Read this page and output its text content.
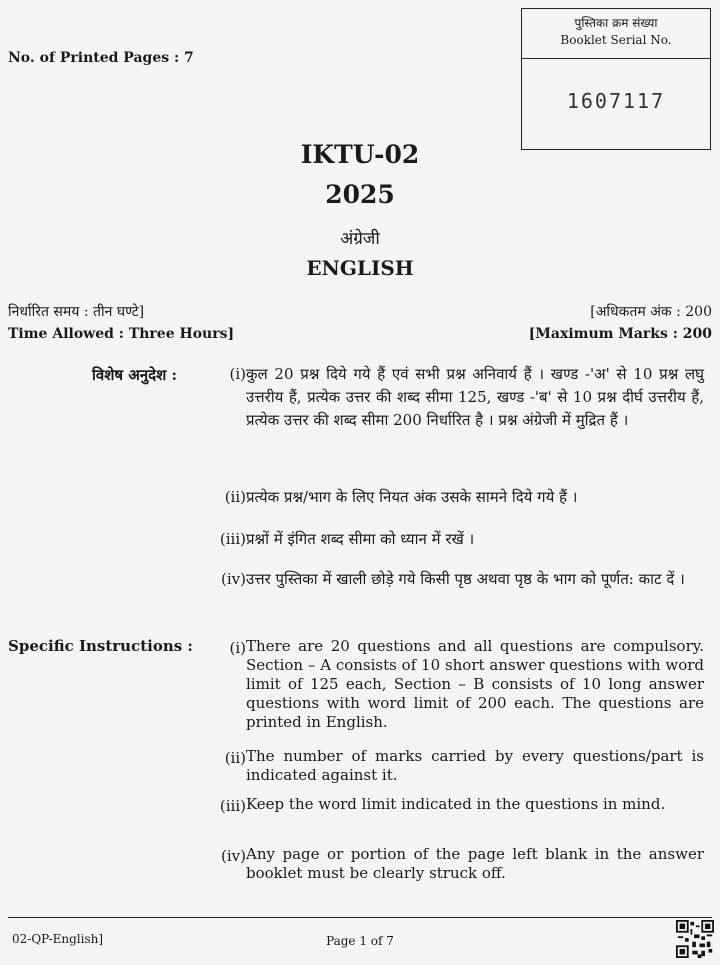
पुस्तिका क्रम संख्या
Booklet Serial No.
1607117
No. of Printed Pages : 7
IKTU-02
2025
अंग्रेजी
ENGLISH
निर्धारित समय : तीन घण्टे]
Time Allowed : Three Hours]
[अधिकतम अंक : 200
[Maximum Marks : 200
विशेष अनुदेश :	(i) कुल 20 प्रश्न दिये गये हैं एवं सभी प्रश्न अनिवार्य हैं । खण्ड -'अ' से 10 प्रश्न लघु उत्तरीय हैं, प्रत्येक उत्तर की शब्द सीमा 125, खण्ड -'ब' से 10 प्रश्न दीर्घ उत्तरीय हैं, प्रत्येक उत्तर की शब्द सीमा 200 निर्धारित है । प्रश्न अंग्रेजी में मुद्रित हैं ।
(ii) प्रत्येक प्रश्न/भाग के लिए नियत अंक उसके सामने दिये गये हैं ।
(iii) प्रश्नों में इंगित शब्द सीमा को ध्यान में रखें ।
(iv) उत्तर पुस्तिका में खाली छोड़े गये किसी पृष्ठ अथवा पृष्ठ के भाग को पूर्णत: काट दें ।
Specific Instructions :	(i) There are 20 questions and all questions are compulsory. Section – A consists of 10 short answer questions with word limit of 125 each, Section – B consists of 10 long answer questions with word limit of 200 each. The questions are printed in English.
(ii) The number of marks carried by every questions/part is indicated against it.
(iii) Keep the word limit indicated in the questions in mind.
(iv) Any page or portion of the page left blank in the answer booklet must be clearly struck off.
02-QP-English]	Page 1 of 7
